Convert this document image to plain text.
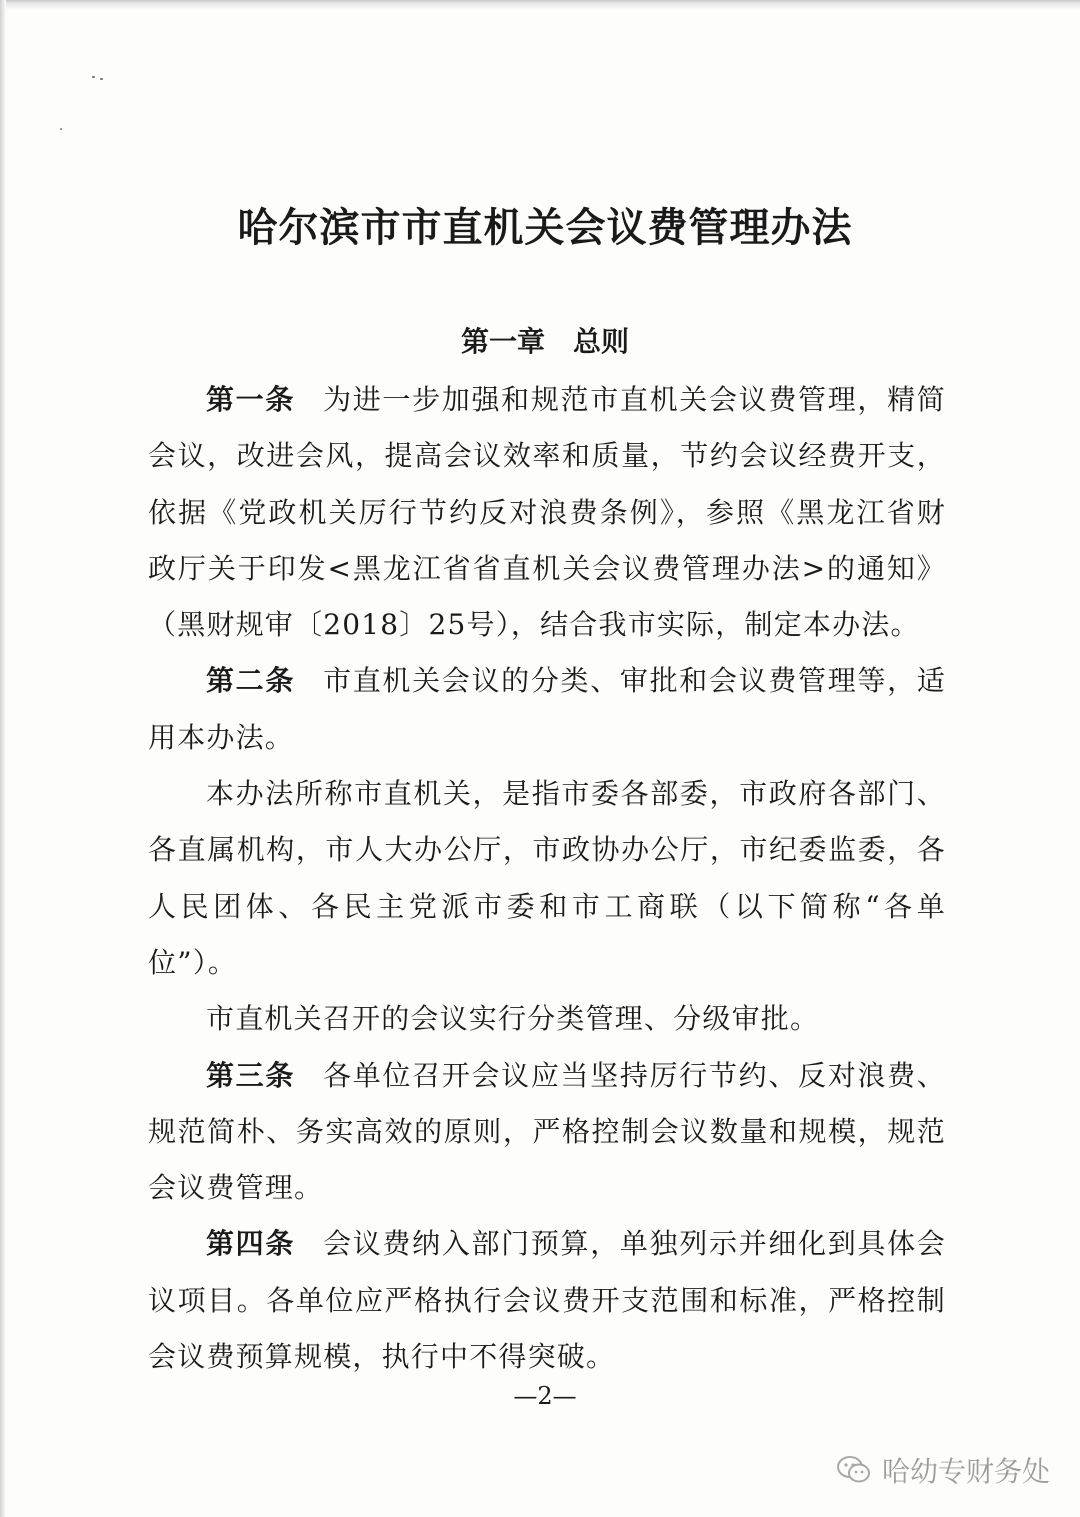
哈尔滨市市直机关会议费管理办法
第一章　总则

第一条 为进一步加强和规范市直机关会议费管理，精简会议，改进会风，提高会议效率和质量，节约会议经费开支，依据《党政机关厉行节约反对浪费条例》，参照《黑龙江省财政厅关于印发<黑龙江省省直机关会议费管理办法>的通知》（黑财规审〔2018〕25号），结合我市实际，制定本办法。

第二条 市直机关会议的分类、审批和会议费管理等，适用本办法。

本办法所称市直机关，是指市委各部委，市政府各部门、各直属机构，市人大办公厅，市政协办公厅，市纪委监委，各人民团体、各民主党派市委和市工商联（以下简称“各单位”）。

市直机关召开的会议实行分类管理、分级审批。

第三条 各单位召开会议应当坚持厉行节约、反对浪费、规范简朴、务实高效的原则，严格控制会议数量和规模，规范会议费管理。

第四条 会议费纳入部门预算，单独列示并细化到具体会议项目。各单位应严格执行会议费开支范围和标准，严格控制会议费预算规模，执行中不得突破。

—2—
哈幼专财务处
